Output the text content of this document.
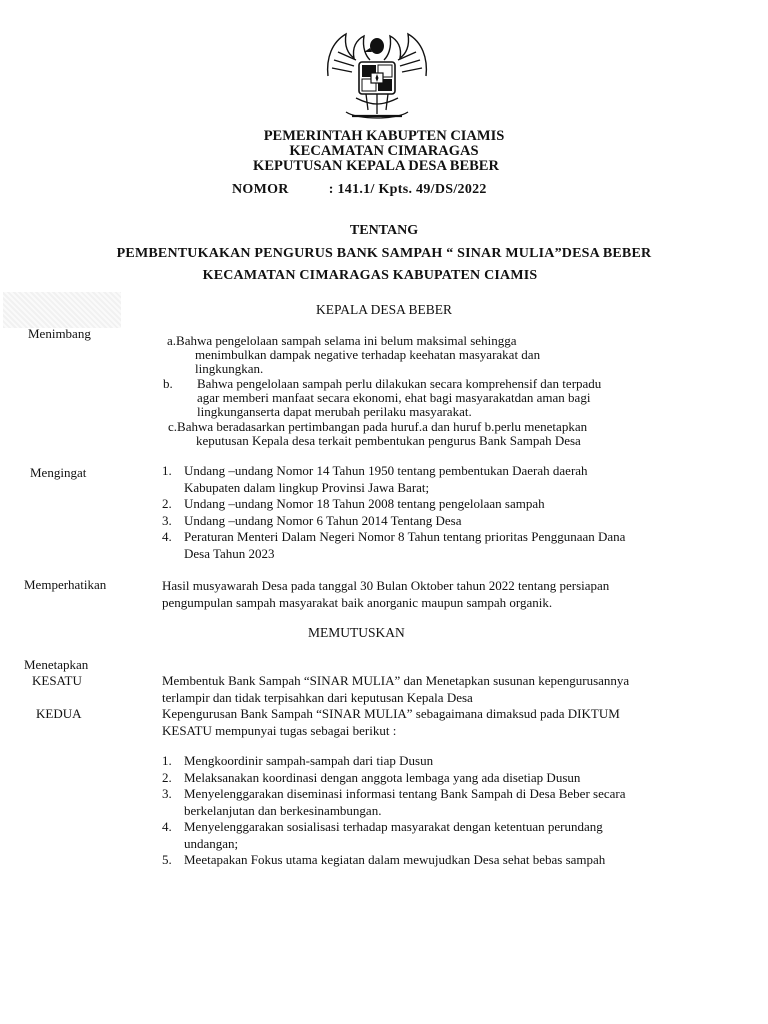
PEMERINTAH KABUPTEN CIAMIS
KECAMATAN CIMARAGAS
KEPUTUSAN KEPALA DESA BEBER
NOMOR	: 141.1/ Kpts. 49/DS/2022
TENTANG
PEMBENTUKAKAN PENGURUS BANK SAMPAH “ SINAR MULIA”DESA BEBER
KECAMATAN CIMARAGAS KABUPATEN CIAMIS
KEPALA DESA BEBER
Menimbang	a.Bahwa pengelolaan sampah selama ini belum maksimal sehingga
menimbulkan dampak negative terhadap keehatan masyarakat dan
lingkungkan.
b. Bahwa pengelolaan sampah perlu dilakukan secara komprehensif dan terpadu
agar memberi manfaat secara ekonomi, ehat bagi masyarakatdan aman bagi
lingkunganserta dapat merubah perilaku masyarakat.
c.Bahwa beradasarkan pertimbangan pada huruf.a dan huruf b.perlu menetapkan
keputusan Kepala desa terkait pembentukan pengurus Bank Sampah Desa
Mengingat	1. Undang –undang Nomor 14 Tahun 1950 tentang pembentukan Daerah daerah
Kabupaten dalam lingkup Provinsi Jawa Barat;
2. Undang –undang Nomor 18 Tahun 2008 tentang pengelolaan sampah
3. Undang –undang Nomor 6 Tahun 2014 Tentang Desa
4. Peraturan Menteri Dalam Negeri Nomor 8 Tahun tentang prioritas Penggunaan Dana
Desa Tahun 2023
Memperhatikan	Hasil musyawarah Desa pada tanggal 30 Bulan Oktober tahun 2022 tentang persiapan
pengumpulan sampah masyarakat baik anorganic maupun sampah organik.
MEMUTUSKAN
Menetapkan
KESATU	Membentuk Bank Sampah “SINAR MULIA” dan Menetapkan susunan kepengurusannya
terlampir dan tidak terpisahkan dari keputusan Kepala Desa
KEDUA	Kepengurusan Bank Sampah “SINAR MULIA” sebagaimana dimaksud pada DIKTUM
KESATU mempunyai tugas sebagai berikut :
1. Mengkoordinir sampah-sampah dari tiap Dusun
2. Melaksanakan koordinasi dengan anggota lembaga yang ada disetiap Dusun
3. Menyelenggarakan diseminasi informasi tentang Bank Sampah di Desa Beber secara
berkelanjutan dan berkesinambungan.
4. Menyelenggarakan sosialisasi terhadap masyarakat dengan ketentuan perundang
undangan;
5. Meetapakan Fokus utama kegiatan dalam mewujudkan Desa sehat bebas sampah
